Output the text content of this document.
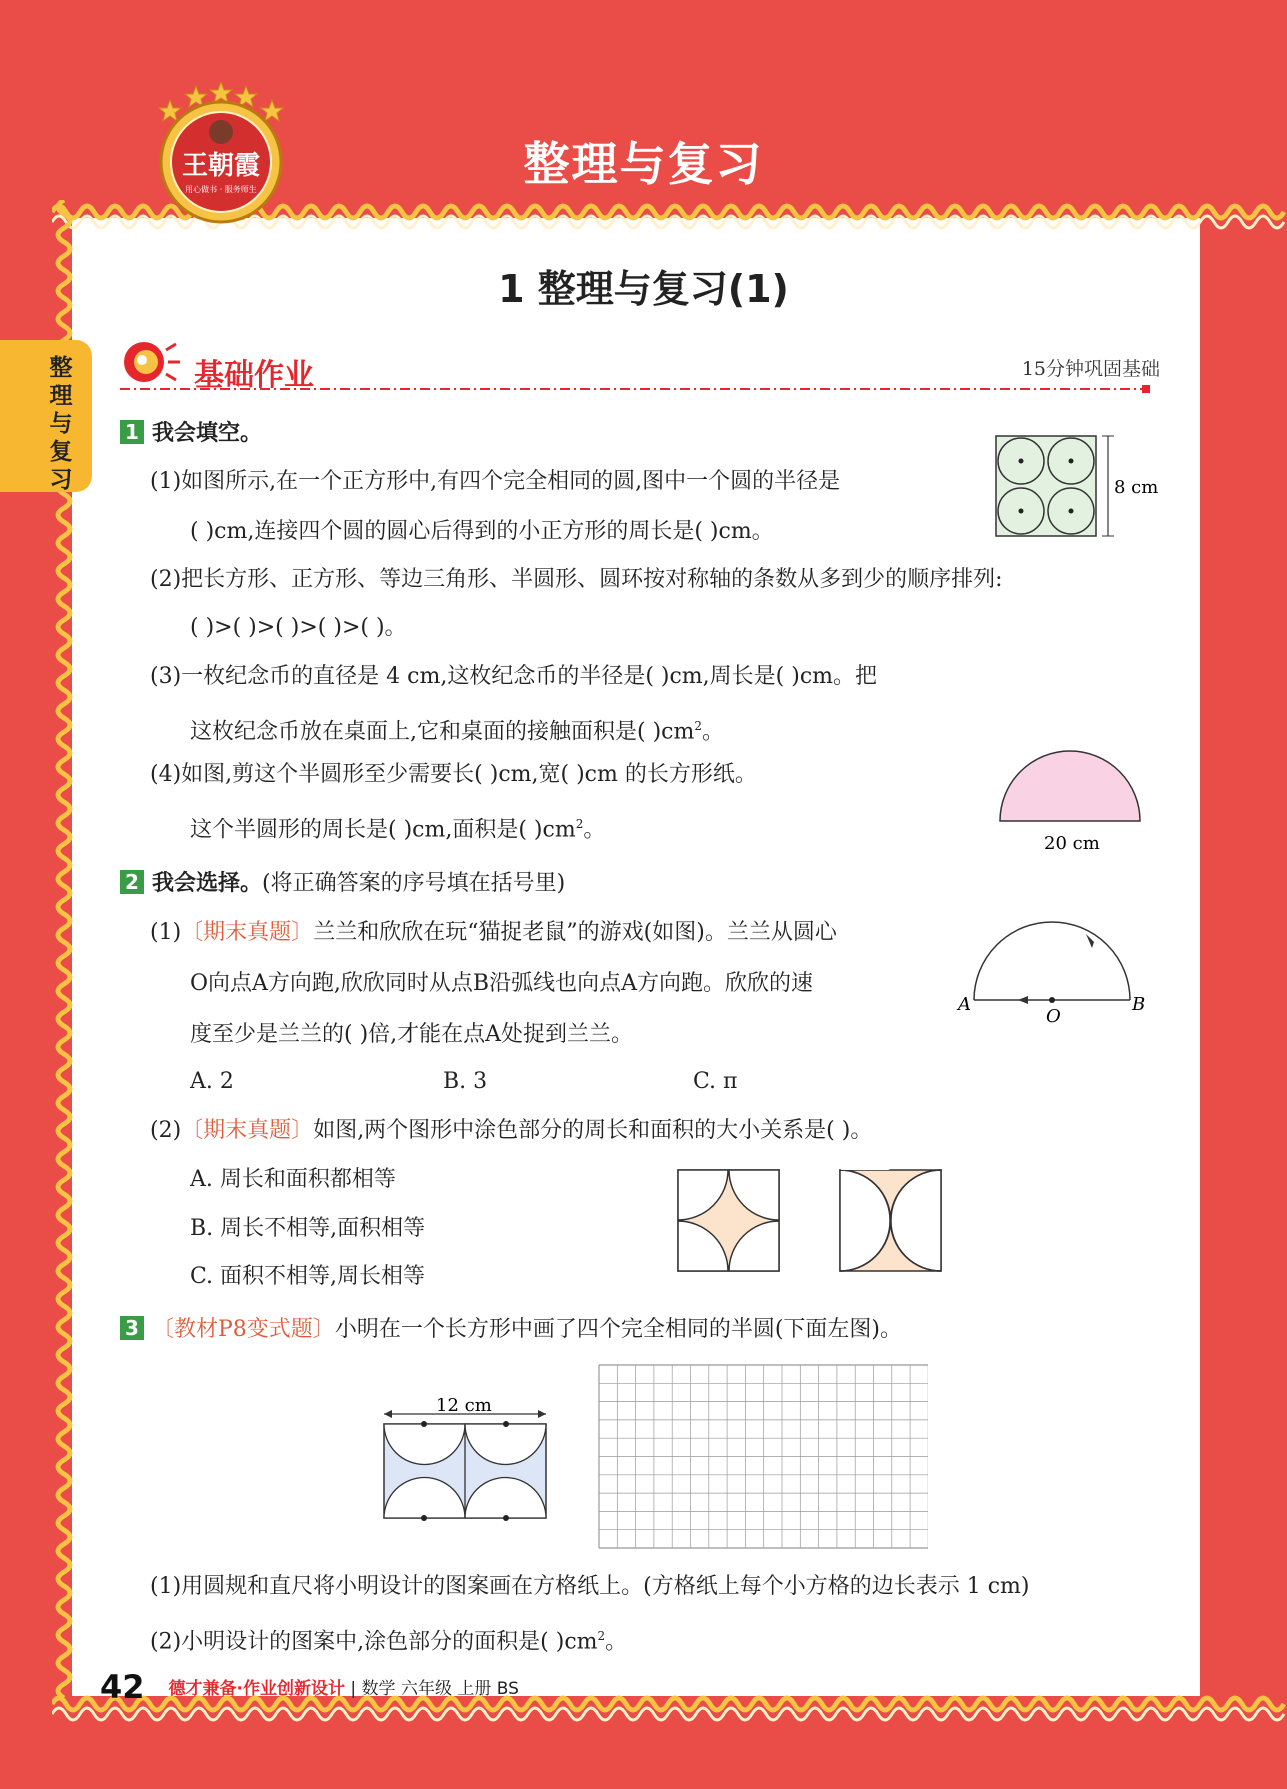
整理与复习
王朝霞
用心做书 · 服务师生
整理与复习
1 整理与复习(1)
基础作业	15分钟巩固基础
1 我会填空。
(1)如图所示,在一个正方形中,有四个完全相同的圆,图中一个圆的半径是
( )cm,连接四个圆的圆心后得到的小正方形的周长是( )cm。
8 cm
(2)把长方形、正方形、等边三角形、半圆形、圆环按对称轴的条数从多到少的顺序排列:
( )>( )>( )>( )>( )。
(3)一枚纪念币的直径是 4 cm,这枚纪念币的半径是( )cm,周长是( )cm。把
这枚纪念币放在桌面上,它和桌面的接触面积是( )$cm^2$。
(4)如图,剪这个半圆形至少需要长( )cm,宽( )cm 的长方形纸。
这个半圆形的周长是( )cm,面积是( )$cm^2$。
20 cm
2 我会选择。(将正确答案的序号填在括号里)
(1)〔期末真题〕兰兰和欣欣在玩“猫捉老鼠”的游戏(如图)。兰兰从圆心
O向点A方向跑,欣欣同时从点B沿弧线也向点A方向跑。欣欣的速
度至少是兰兰的( )倍,才能在点A处捉到兰兰。
A
O
B
A. 2	B. 3	C. π
(2)〔期末真题〕如图,两个图形中涂色部分的周长和面积的大小关系是( )。
A. 周长和面积都相等
B. 周长不相等,面积相等
C. 面积不相等,周长相等
3 〔教材P8变式题〕小明在一个长方形中画了四个完全相同的半圆(下面左图)。
12 cm
(1)用圆规和直尺将小明设计的图案画在方格纸上。(方格纸上每个小方格的边长表示 1 cm)
(2)小明设计的图案中,涂色部分的面积是( )$cm^2$。
42 德才兼备·作业创新设计 | 数学 六年级 上册 BS
